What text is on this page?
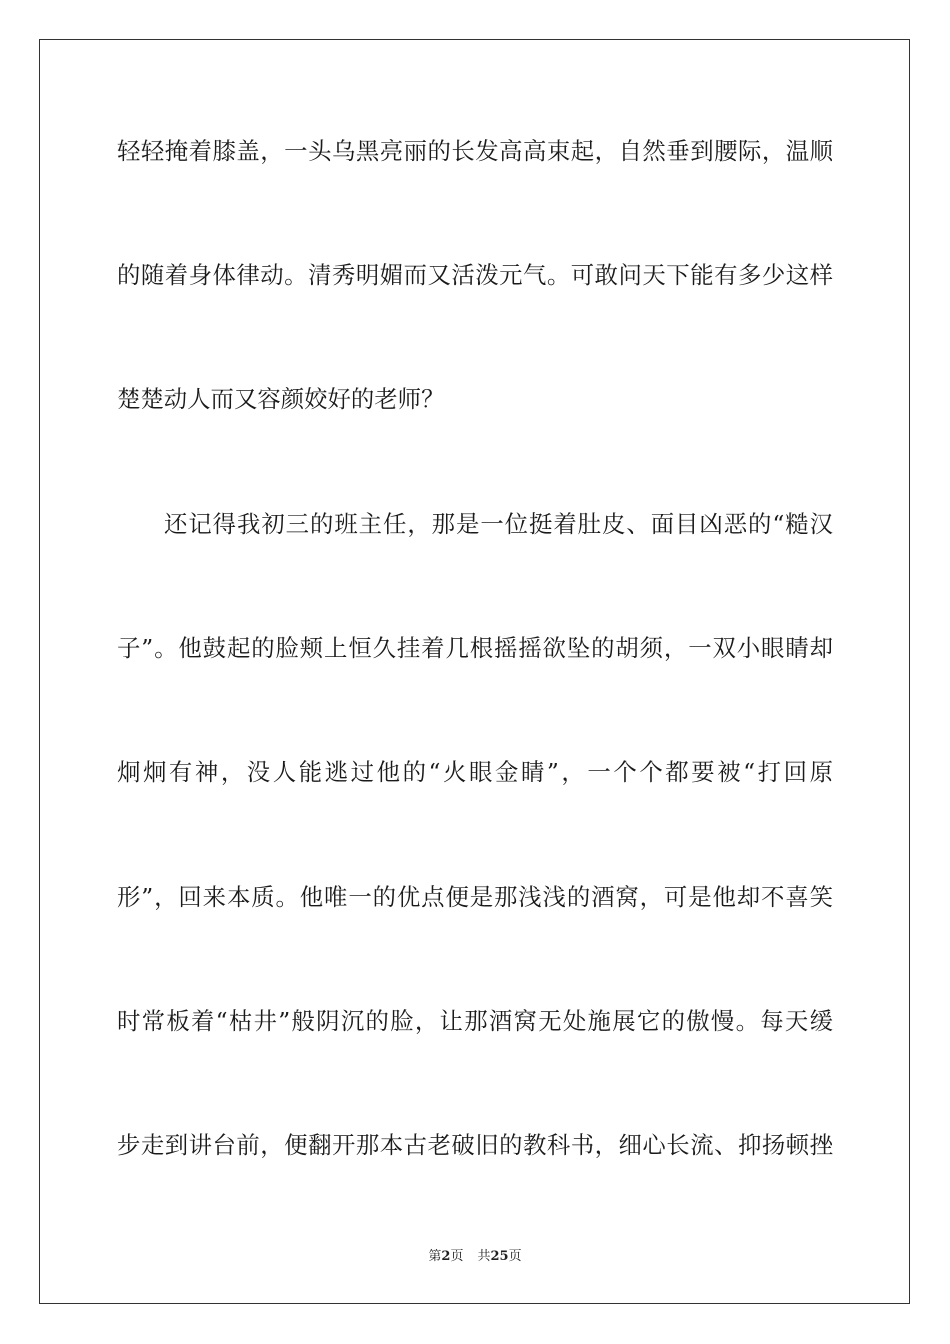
轻轻掩着膝盖，一头乌黑亮丽的长发高高束起，自然垂到腰际，温顺
的随着身体律动。清秀明媚而又活泼元气。可敢问天下能有多少这样
楚楚动人而又容颜姣好的老师？
还记得我初三的班主任，那是一位挺着肚皮、面目凶恶的“糙汉
子”。他鼓起的脸颊上恒久挂着几根摇摇欲坠的胡须，一双小眼睛却
炯炯有神，没人能逃过他的“火眼金睛”，一个个都要被“打回原
形”，回来本质。他唯一的优点便是那浅浅的酒窝，可是他却不喜笑
时常板着“枯井”般阴沉的脸，让那酒窝无处施展它的傲慢。每天缓
步走到讲台前，便翻开那本古老破旧的教科书，细心长流、抑扬顿挫
第2页 共25页
